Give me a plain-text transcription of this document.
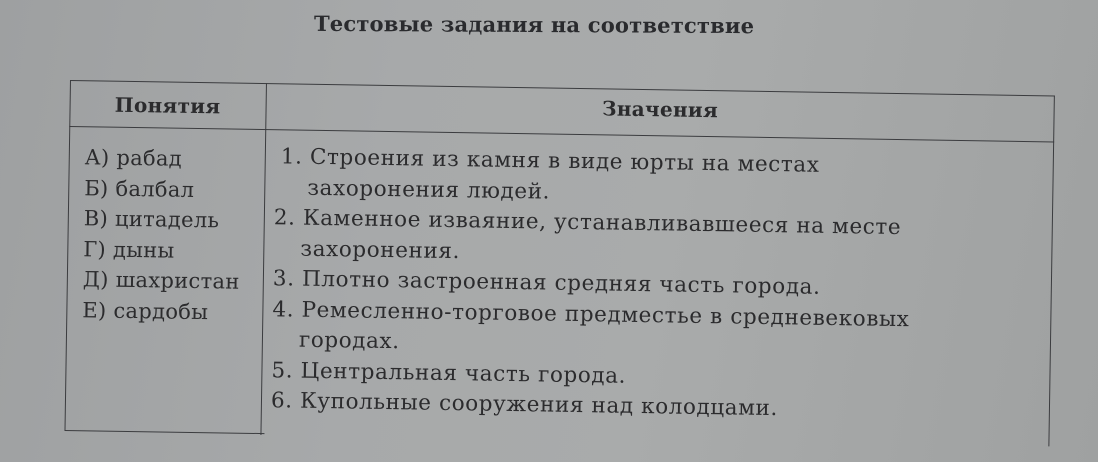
Тестовые задания на соответствие
Понятия	Значения
А) рабад
Б) балбал
В) цитадель
Г) дыны
Д) шахристан
Е) сардобы
1. Строения из камня в виде юрты на местах
захоронения людей.
2. Каменное изваяние, устанавливавшееся на месте
захоронения.
3. Плотно застроенная средняя часть города.
4. Ремесленно-торговое предместье в средневековых
городах.
5. Центральная часть города.
6. Купольные сооружения над колодцами.
